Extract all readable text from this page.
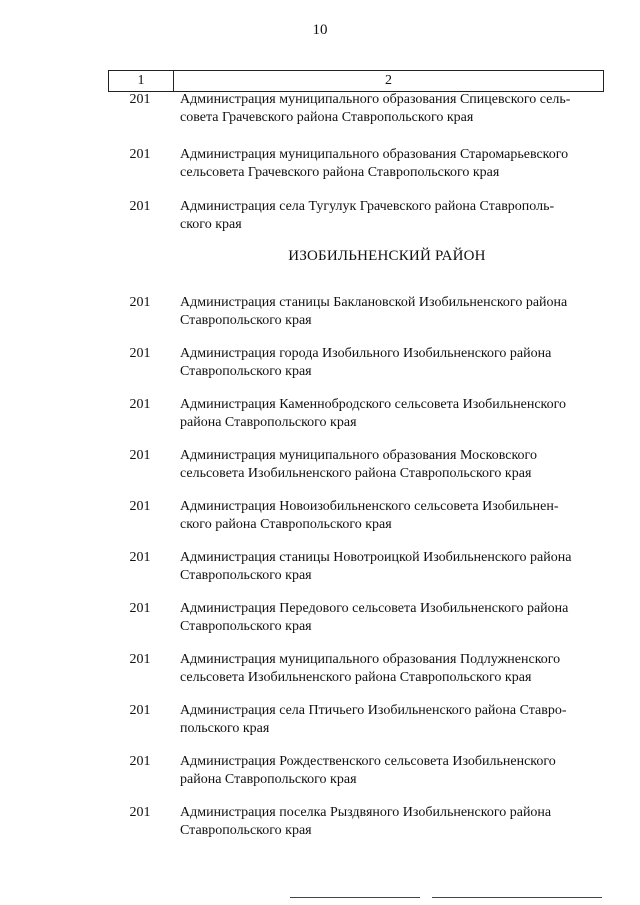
10
1	2
201	Администрация муниципального образования Спицевского сель-
совета Грачевского района Ставропольского края
201	Администрация муниципального образования Старомарьевского
сельсовета Грачевского района Ставропольского края
201	Администрация села Тугулук Грачевского района Ставрополь-
ского края
ИЗОБИЛЬНЕНСКИЙ РАЙОН
201	Администрация станицы Баклановской Изобильненского района
Ставропольского края
201	Администрация города Изобильного Изобильненского района
Ставропольского края
201	Администрация Каменнобродского сельсовета Изобильненского
района Ставропольского края
201	Администрация муниципального образования Московского
сельсовета Изобильненского района Ставропольского края
201	Администрация Новоизобильненского сельсовета Изобильнен-
ского района Ставропольского края
201	Администрация станицы Новотроицкой Изобильненского района
Ставропольского края
201	Администрация Передового сельсовета Изобильненского района
Ставропольского края
201	Администрация муниципального образования Подлужненского
сельсовета Изобильненского района Ставропольского края
201	Администрация села Птичьего Изобильненского района Ставро-
польского края
201	Администрация Рождественского сельсовета Изобильненского
района Ставропольского края
201	Администрация поселка Рыздвяного Изобильненского района
Ставропольского края
